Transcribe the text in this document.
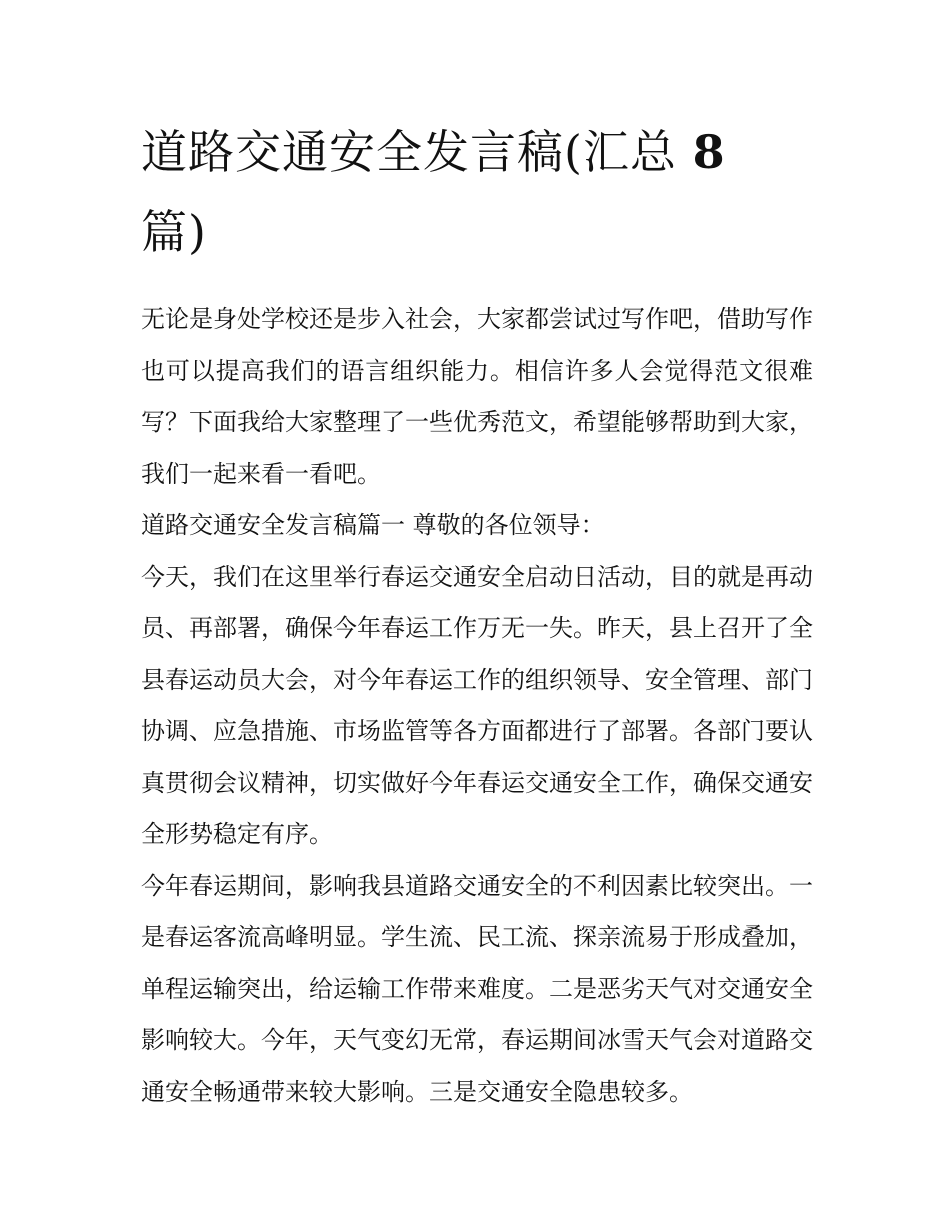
道路交通安全发言稿(汇总 8
篇)

无论是身处学校还是步入社会，大家都尝试过写作吧，借助写作也可以提高我们的语言组织能力。相信许多人会觉得范文很难写？下面我给大家整理了一些优秀范文，希望能够帮助到大家，我们一起来看一看吧。

道路交通安全发言稿篇一 尊敬的各位领导：

今天，我们在这里举行春运交通安全启动日活动，目的就是再动员、再部署，确保今年春运工作万无一失。昨天，县上召开了全县春运动员大会，对今年春运工作的组织领导、安全管理、部门协调、应急措施、市场监管等各方面都进行了部署。各部门要认真贯彻会议精神，切实做好今年春运交通安全工作，确保交通安全形势稳定有序。

今年春运期间，影响我县道路交通安全的不利因素比较突出。一是春运客流高峰明显。学生流、民工流、探亲流易于形成叠加，单程运输突出，给运输工作带来难度。二是恶劣天气对交通安全影响较大。今年，天气变幻无常，春运期间冰雪天气会对道路交通安全畅通带来较大影响。三是交通安全隐患较多。
